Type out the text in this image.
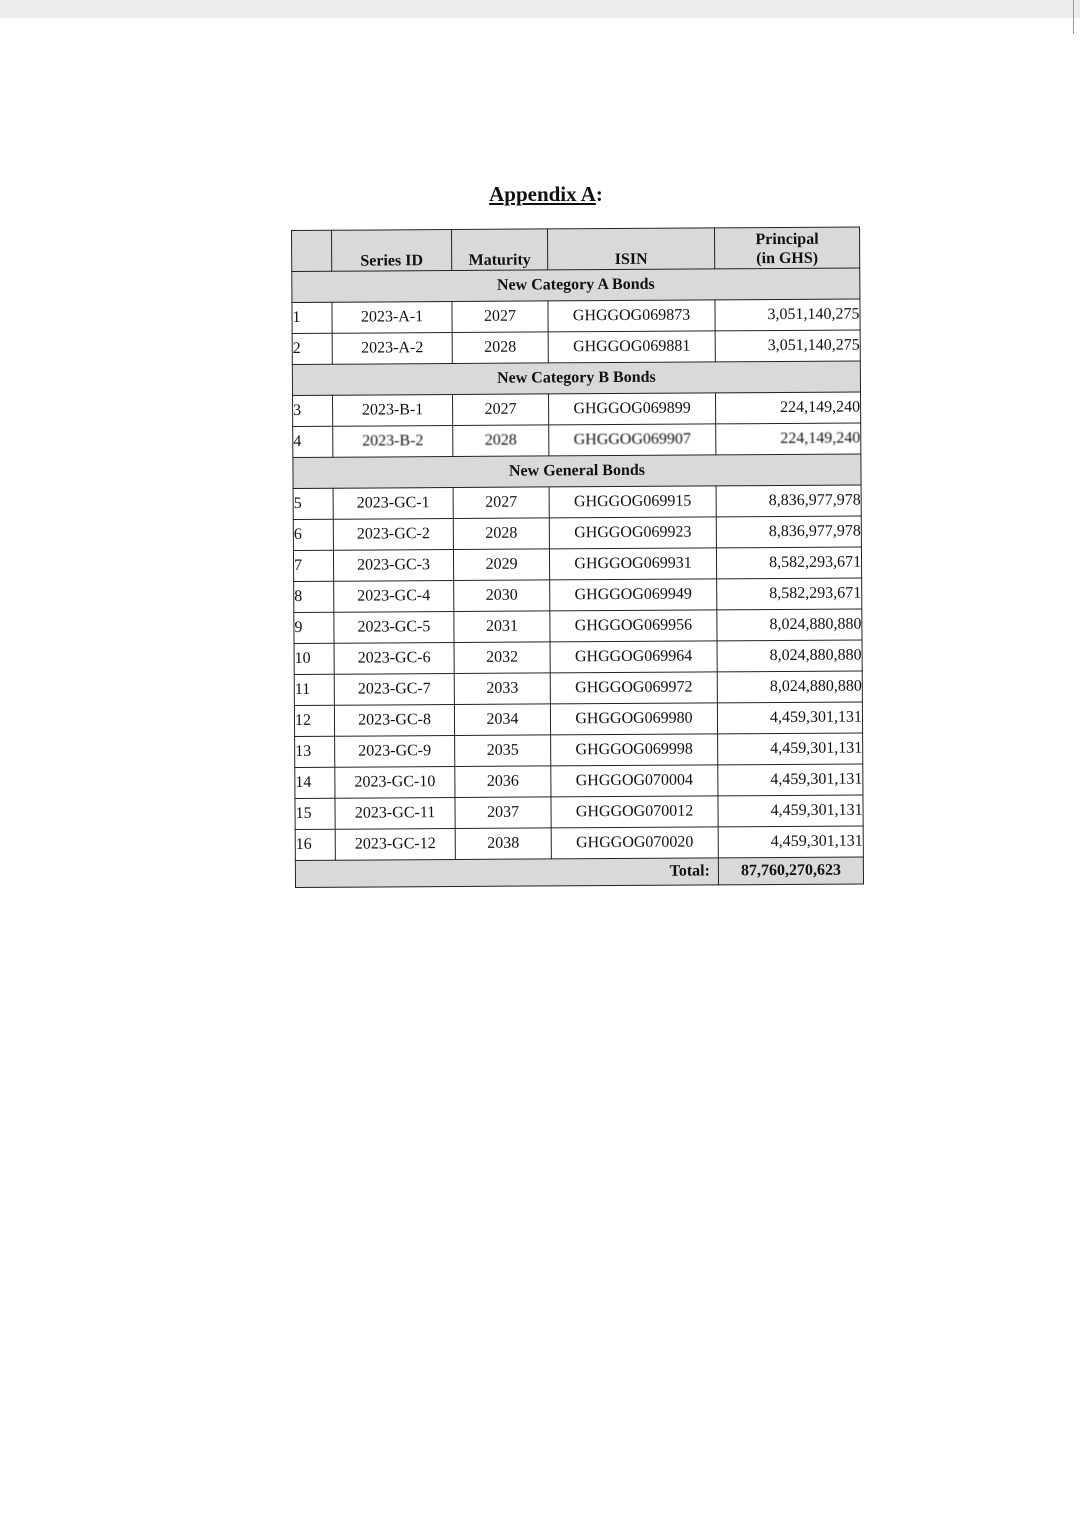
Appendix A:
	Series ID	Maturity	ISIN	Principal
(in GHS)
New Category A Bonds				
1	2023-A-1	2027	GHGGOG069873	3,051,140,275
2	2023-A-2	2028	GHGGOG069881	3,051,140,275
New Category B Bonds				
3	2023-B-1	2027	GHGGOG069899	224,149,240
4	2023-B-2	2028	GHGGOG069907	224,149,240
New General Bonds				
5	2023-GC-1	2027	GHGGOG069915	8,836,977,978
6	2023-GC-2	2028	GHGGOG069923	8,836,977,978
7	2023-GC-3	2029	GHGGOG069931	8,582,293,671
8	2023-GC-4	2030	GHGGOG069949	8,582,293,671
9	2023-GC-5	2031	GHGGOG069956	8,024,880,880
10	2023-GC-6	2032	GHGGOG069964	8,024,880,880
11	2023-GC-7	2033	GHGGOG069972	8,024,880,880
12	2023-GC-8	2034	GHGGOG069980	4,459,301,131
13	2023-GC-9	2035	GHGGOG069998	4,459,301,131
14	2023-GC-10	2036	GHGGOG070004	4,459,301,131
15	2023-GC-11	2037	GHGGOG070012	4,459,301,131
16	2023-GC-12	2038	GHGGOG070020	4,459,301,131
Total:				87,760,270,623
